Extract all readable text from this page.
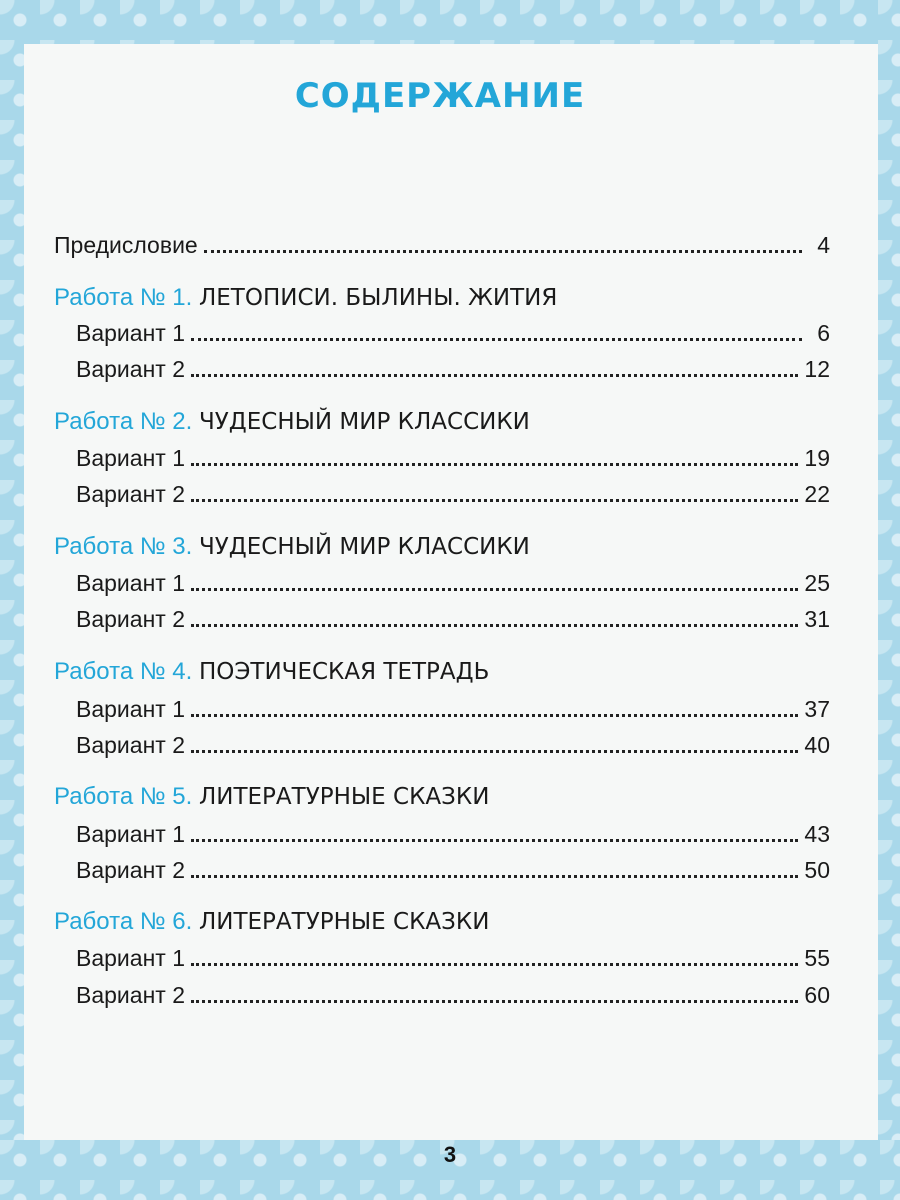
СОДЕРЖАНИЕ
Предисловие	4
Работа № 1. ЛЕТОПИСИ. БЫЛИНЫ. ЖИТИЯ
Вариант 1	6
Вариант 2	12
Работа № 2. ЧУДЕСНЫЙ МИР КЛАССИКИ
Вариант 1	19
Вариант 2	22
Работа № 3. ЧУДЕСНЫЙ МИР КЛАССИКИ
Вариант 1	25
Вариант 2	31
Работа № 4. ПОЭТИЧЕСКАЯ ТЕТРАДЬ
Вариант 1	37
Вариант 2	40
Работа № 5. ЛИТЕРАТУРНЫЕ СКАЗКИ
Вариант 1	43
Вариант 2	50
Работа № 6. ЛИТЕРАТУРНЫЕ СКАЗКИ
Вариант 1	55
Вариант 2	60
3
